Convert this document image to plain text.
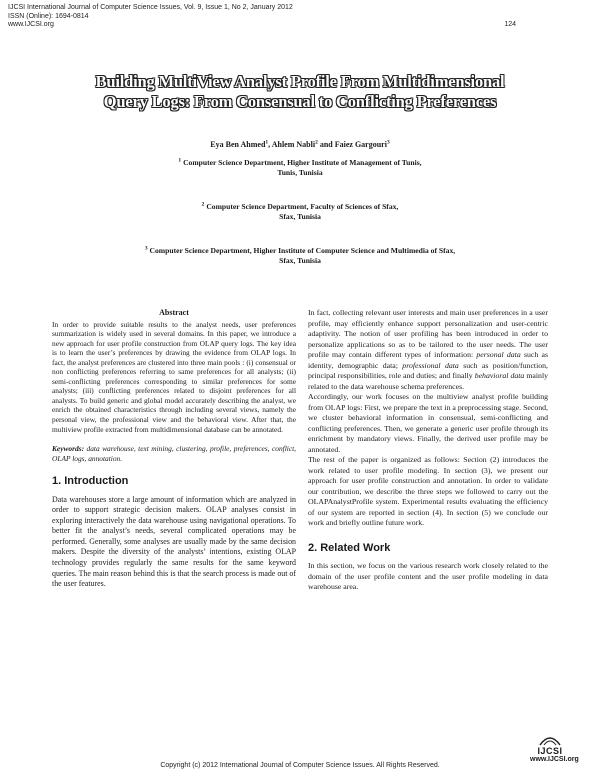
IJCSI International Journal of Computer Science Issues, Vol. 9, Issue 1, No 2, January 2012
ISSN (Online): 1694-0814
www.IJCSI.org	124
Building MultiView Analyst Profile From Multidimensional
Query Logs: From Consensual to Conflicting Preferences
Eya Ben Ahmed$^1$, Ahlem Nabli$^2$ and Faiez Gargouri$^3$
$^1$ Computer Science Department, Higher Institute of Management of Tunis,
Tunis, Tunisia
$^2$ Computer Science Department, Faculty of Sciences of Sfax,
Sfax, Tunisia
$^3$ Computer Science Department, Higher Institute of Computer Science and Multimedia of Sfax,
Sfax, Tunisia
Abstract

In order to provide suitable results to the analyst needs, user preferences summarization is widely used in several domains. In this paper, we introduce a new approach for user profile construction from OLAP query logs. The key idea is to learn the user’s preferences by drawing the evidence from OLAP logs. In fact, the analyst preferences are clustered into three main pools : (i) consensual or non conflicting preferences referring to same preferences for all analysts; (ii) semi-conflicting preferences corresponding to similar preferences for some analysts; (iii) conflicting preferences related to disjoint preferences for all analysts. To build generic and global model accurately describing the analyst, we enrich the obtained characteristics through including several views, namely the personal view, the professional view and the behavioral view. After that, the multiview profile extracted from multidimensional database can be annotated.

Keywords: data warehouse, text mining, clustering, profile, preferences, conflict, OLAP logs, annotation.

1. Introduction

Data warehouses store a large amount of information which are analyzed in order to support strategic decision makers. OLAP analyses consist in exploring interactively the data warehouse using navigational operations. To better fit the analyst’s needs, several complicated operations may be performed. Generally, some analyses are usually made by the same decision makers. Despite the diversity of the analysts’ intentions, existing OLAP technology provides regularly the same results for the same keyword queries. The main reason behind this is that the search process is made out of the user features.

In fact, collecting relevant user interests and main user preferences in a user profile, may efficiently enhance support personalization and user-centric adaptivity. The notion of user profiling has been introduced in order to personalize applications so as to be tailored to the user needs. The user profile may contain different types of information: personal data such as identity, demographic data; professional data such as position/function, principal responsibilities, role and duties; and finally behavioral data mainly related to the data warehouse schema preferences.

Accordingly, our work focuses on the multiview analyst profile building from OLAP logs: First, we prepare the text in a preprocessing stage. Second, we cluster behavioral information in consensual, semi-conflicting and conflicting preferences. Then, we generate a generic user profile through its enrichment by mandatory views. Finally, the derived user profile may be annotated.

The rest of the paper is organized as follows: Section (2) introduces the work related to user profile modeling. In section (3), we present our approach for user profile construction and annotation. In order to validate our contribution, we describe the three steps we followed to carry out the OLAPAnalystProfile system. Experimental results evaluating the efficiency of our system are reported in section (4). In section (5) we conclude our work and briefly outline future work.

2. Related Work

In this section, we focus on the various research work closely related to the domain of the user profile content and the user profile modeling in data warehouse area.

IJCSI
www.IJCSI.org
Copyright (c) 2012 International Journal of Computer Science Issues. All Rights Reserved.
